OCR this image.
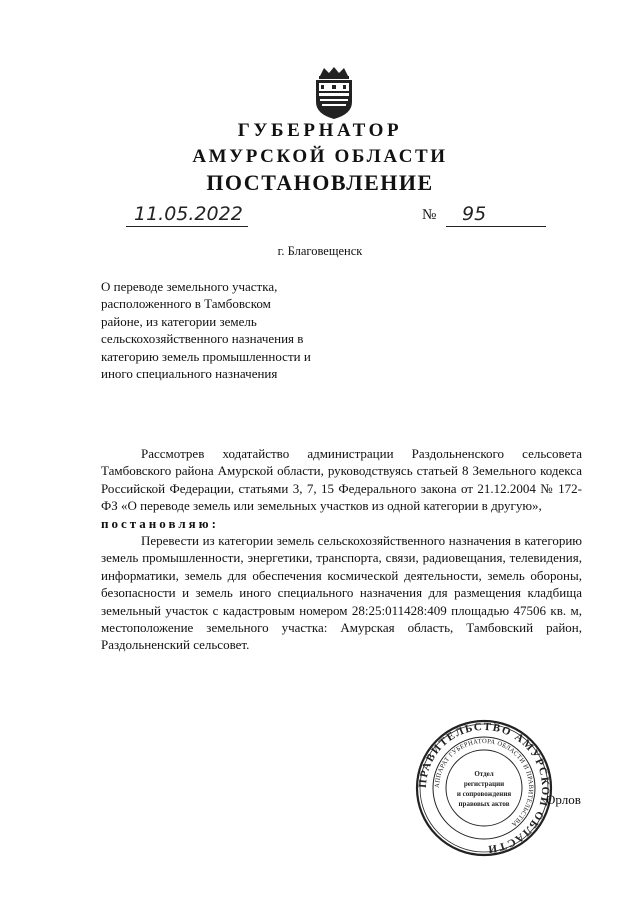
ГУБЕРНАТОР
АМУРСКОЙ ОБЛАСТИ
ПОСТАНОВЛЕНИЕ
11.05.2022	№ 95
г. Благовещенск
О переводе земельного участка, расположенного в Тамбовском районе, из категории земель сельскохозяйственного назначения в категорию земель промышленности и иного специального назначения

Рассмотрев ходатайство администрации Раздольненского сельсовета Тамбовского района Амурской области, руководствуясь статьей 8 Земельного кодекса Российской Федерации, статьями 3, 7, 15 Федерального закона от 21.12.2004 № 172-ФЗ «О переводе земель или земельных участков из одной категории в другую»,

постановляю:

Перевести из категории земель сельскохозяйственного назначения в категорию земель промышленности, энергетики, транспорта, связи, радиовещания, телевидения, информатики, земель для обеспечения космической деятельности, земель обороны, безопасности и земель иного специального назначения для размещения кладбища земельный участок с кадастровым номером 28:25:011428:409 площадью 47506 кв. м, местоположение земельного участка: Амурская область, Тамбовский район, Раздольненский сельсовет.

ПРАВИТЕЛЬСТВО АМУРСКОЙ ОБЛАСТИ
АППАРАТ ГУБЕРНАТОРА ОБЛАСТИ И ПРАВИТЕЛЬСТВА
Отдел
регистрации
и сопровождения
правовых актов	Орлов
